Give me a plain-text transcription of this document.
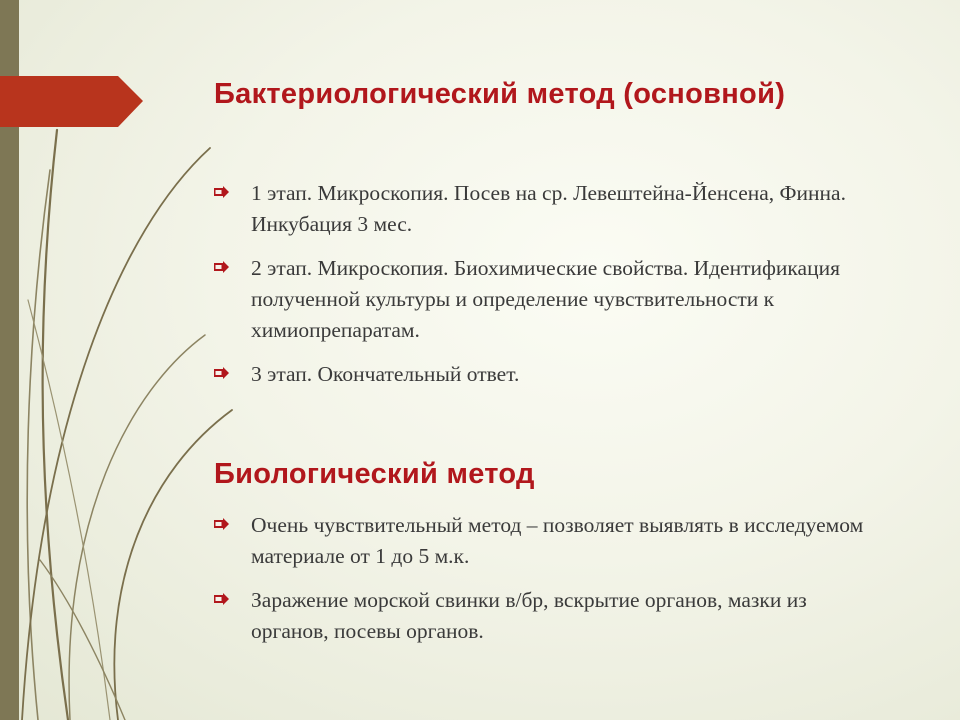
Бактериологический метод (основной)
1 этап. Микроскопия. Посев на ср. Левештейна-Йенсена, Финна. Инкубация 3 мес.
2 этап. Микроскопия. Биохимические свойства. Идентификация полученной культуры и определение чувствительности к химиопрепаратам.
3 этап. Окончательный ответ.
Биологический метод
Очень чувствительный метод – позволяет выявлять в исследуемом материале от 1 до 5 м.к.
Заражение морской свинки в/бр, вскрытие органов, мазки из органов, посевы органов.
